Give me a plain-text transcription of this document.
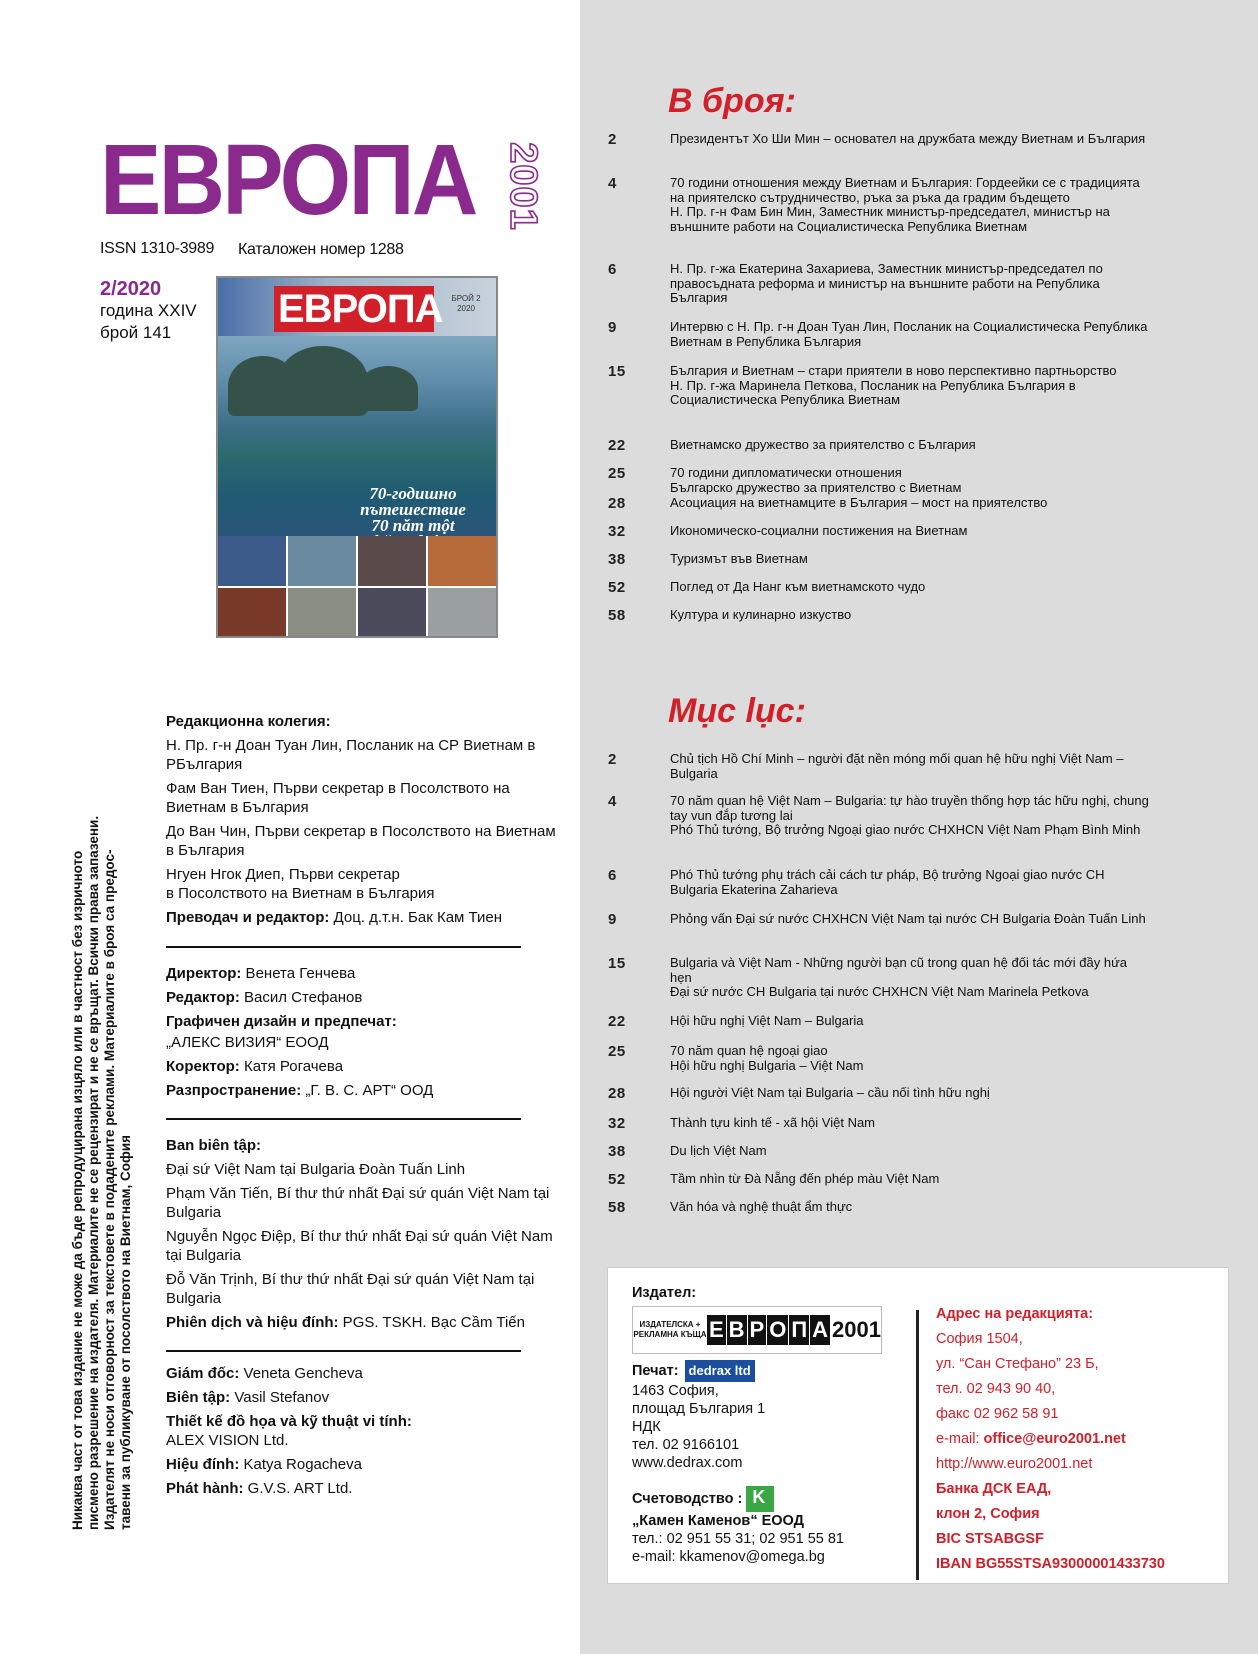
ЕВРОПА 2001
ISSN 1310-3989 Каталожен номер 1288
2/2020
година XXIV
брой 141
ЕВРОПА	БРОЙ 2 2020
70-годишно
пътешествие
70 năm một
Никаква част от това издание не може да бъде репродуцирана изцяло или в частност без изричното писмено разрешение на издателя. Материалите не се рецензират и не се връщат. Всички права запазени. Издателят не носи отговорност за текстовете в подадените реклами. Материалите в броя са предос- тавени за публикуване от посолството на Виетнам, София

Редакционна колегия:

Н. Пр. г-н Доан Туан Лин, Посланик на СР Виетнам в РБългария

Фам Ван Тиен, Първи секретар в Посолството на Виетнам в България

До Ван Чин, Първи секретар в Посолството на Виетнам в България

Нгуен Нгок Диеп, Първи секретар

в Посолството на Виетнам в България

Преводач и редактор: Доц. д.т.н. Бак Кам Тиен

Директор: Венета Генчева

Редактор: Васил Стефанов

Графичен дизайн и предпечат:

„АЛЕКС ВИЗИЯ“ ЕООД

Коректор: Катя Рогачева

Разпространение: „Г. В. С. АРТ“ ООД

Ban biên tập:

Đại sứ Việt Nam tại Bulgaria Đoàn Tuấn Linh

Phạm Văn Tiến, Bí thư thứ nhất Đại sứ quán Việt Nam tại Bulgaria

Nguyễn Ngọc Điệp, Bí thư thứ nhất Đại sứ quán Việt Nam tại Bulgaria

Đỗ Văn Trịnh, Bí thư thứ nhất Đại sứ quán Việt Nam tại Bulgaria

Phiên dịch và hiệu đính: PGS. TSKH. Bạc Cầm Tiến

Giám đốc: Veneta Gencheva

Biên tập: Vasil Stefanov

Thiết kế đồ họa và kỹ thuật vi tính:

ALEX VISION Ltd.

Hiệu đính: Katya Rogacheva

Phát hành: G.V.S. ART Ltd.

В броя:
2	Президентът Хо Ши Мин – основател на дружбата между Виетнам и България
4	70 години отношения между Виетнам и България: Гордеейки се с традицията на приятелско сътрудничество, ръка за ръка да градим бъдещето
Н. Пр. г-н Фам Бин Мин, Заместник министър-председател, министър на външните работи на Социалистическа Република Виетнам
6	Н. Пр. г-жа Екатерина Захариева, Заместник министър-председател по правосъдната реформа и министър на външните работи на Република България
9	Интервю с Н. Пр. г-н Доан Туан Лин, Посланик на Социалистическа Република Виетнам в Република България
15	България и Виетнам – стари приятели в ново перспективно партньорство
Н. Пр. г-жа Маринела Петкова, Посланик на Република България в Социалистическа Република Виетнам
22	Виетнамско дружество за приятелство с България
25	70 години дипломатически отношения
Българско дружество за приятелство с Виетнам
28	Асоциация на виетнамците в България – мост на приятелство
32	Икономическо-социални постижения на Виетнам
38	Туризмът във Виетнам
52	Поглед от Да Нанг към виетнамското чудо
58	Култура и кулинарно изкуство
Mục lục:
2	Chủ tịch Hồ Chí Minh – người đặt nền móng mối quan hệ hữu nghị Việt Nam – Bulgaria
4	70 năm quan hệ Việt Nam – Bulgaria: tự hào truyền thống hợp tác hữu nghị, chung tay vun đắp tương lai
Phó Thủ tướng, Bộ trưởng Ngoại giao nước CHXHCN Việt Nam Phạm Bình Minh
6	Phó Thủ tướng phụ trách cải cách tư pháp, Bộ trưởng Ngoại giao nước CH Bulgaria Ekaterina Zaharieva
9	Phỏng vấn Đại sứ nước CHXHCN Việt Nam tại nước CH Bulgaria Đoàn Tuấn Linh
15	Bulgaria và Việt Nam - Những người bạn cũ trong quan hệ đối tác mới đầy hứa hẹn
Đại sứ nước CH Bulgaria tại nước CHXHCN Việt Nam Marinela Petkova
22	Hội hữu nghị Việt Nam – Bulgaria
25	70 năm quan hệ ngoại giao
Hội hữu nghị Bulgaria – Việt Nam
28	Hội người Việt Nam tại Bulgaria – cầu nối tình hữu nghị
32	Thành tựu kinh tế - xã hội Việt Nam
38	Du lịch Việt Nam
52	Tầm nhìn từ Đà Nẵng đến phép màu Việt Nam
58	Văn hóa và nghệ thuật ẩm thực
Издател:
ИЗДАТЕЛСКА + РЕКЛАМНА КЪЩА Е В Р О П А 2001
Печат: dedrax ltd
1463 София,
площад България 1
НДК
тел. 02 9166101
www.dedrax.com
Счетоводство :K
„Камен Каменов“ ЕООД
тел.: 02 951 55 31; 02 951 55 81
e-mail: kkamenov@omega.bg
Адрес на редакцията:
София 1504,
ул. “Сан Стефано” 23 Б,
тел. 02 943 90 40,
факс 02 962 58 91
e-mail: office@euro2001.net
http://www.euro2001.net
Банка ДСК ЕАД,
клон 2, София
BIC STSABGSF
IBAN BG55STSA93000001433730
